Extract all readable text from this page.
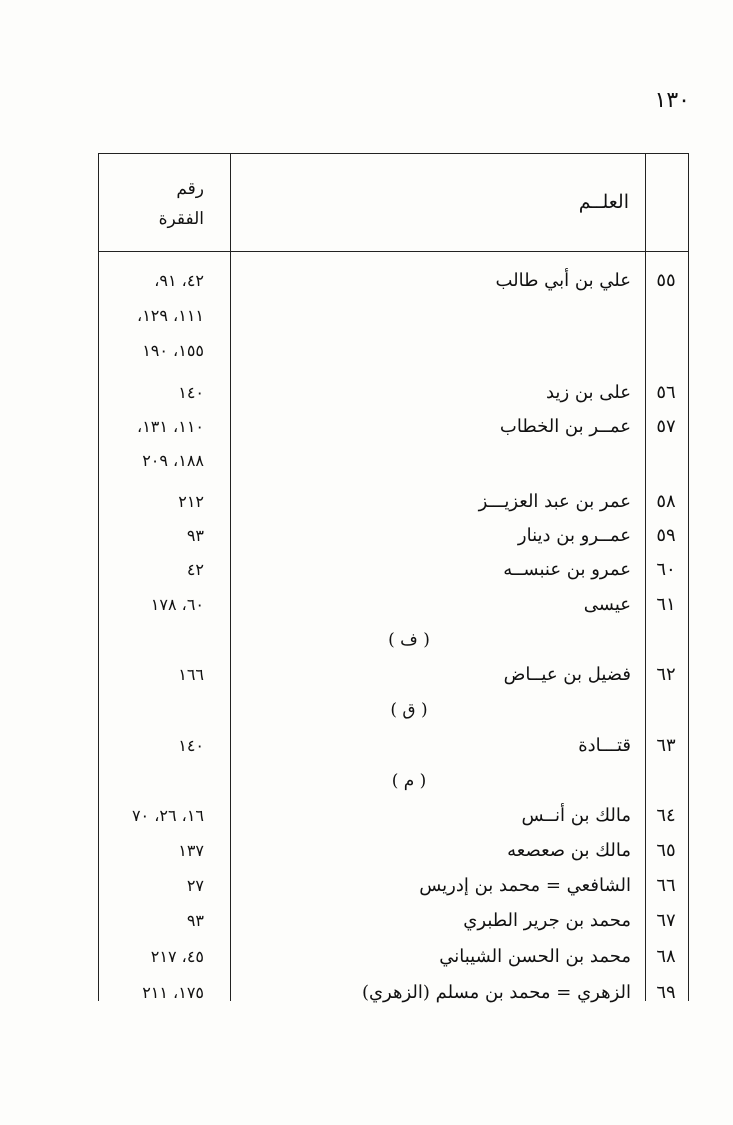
١٣٠
العلــم
رقم
الفقرة
٥٥
علي بن أبي طالب
٤٢، ٩١،
١١١، ١٢٩،
١٥٥، ١٩٠
٥٦
على بن زيد
١٤٠
٥٧
عمــر بن الخطاب
١١٠، ١٣١،
١٨٨، ٢٠٩
٥٨
عمر بن عبد العزيـــز
٢١٢
٥٩
عمــرو بن دينار
٩٣
٦٠
عمرو بن عنبســه
٤٢
٦١
عيسى
٦٠، ١٧٨
( ف )
٦٢
فضيل بن عيــاض
١٦٦
( ق )
٦٣
قتـــادة
١٤٠
( م )
٦٤
مالك بن أنــس
١٦، ٢٦، ٧٠
٦٥
مالك بن صعصعه
١٣٧
٦٦
الشافعي = محمد بن إدريس
٢٧
٦٧
محمد بن جرير الطبري
٩٣
٦٨
محمد بن الحسن الشيباني
٤٥، ٢١٧
٦٩
الزهري = محمد بن مسلم (الزهري)
١٧٥، ٢١١
